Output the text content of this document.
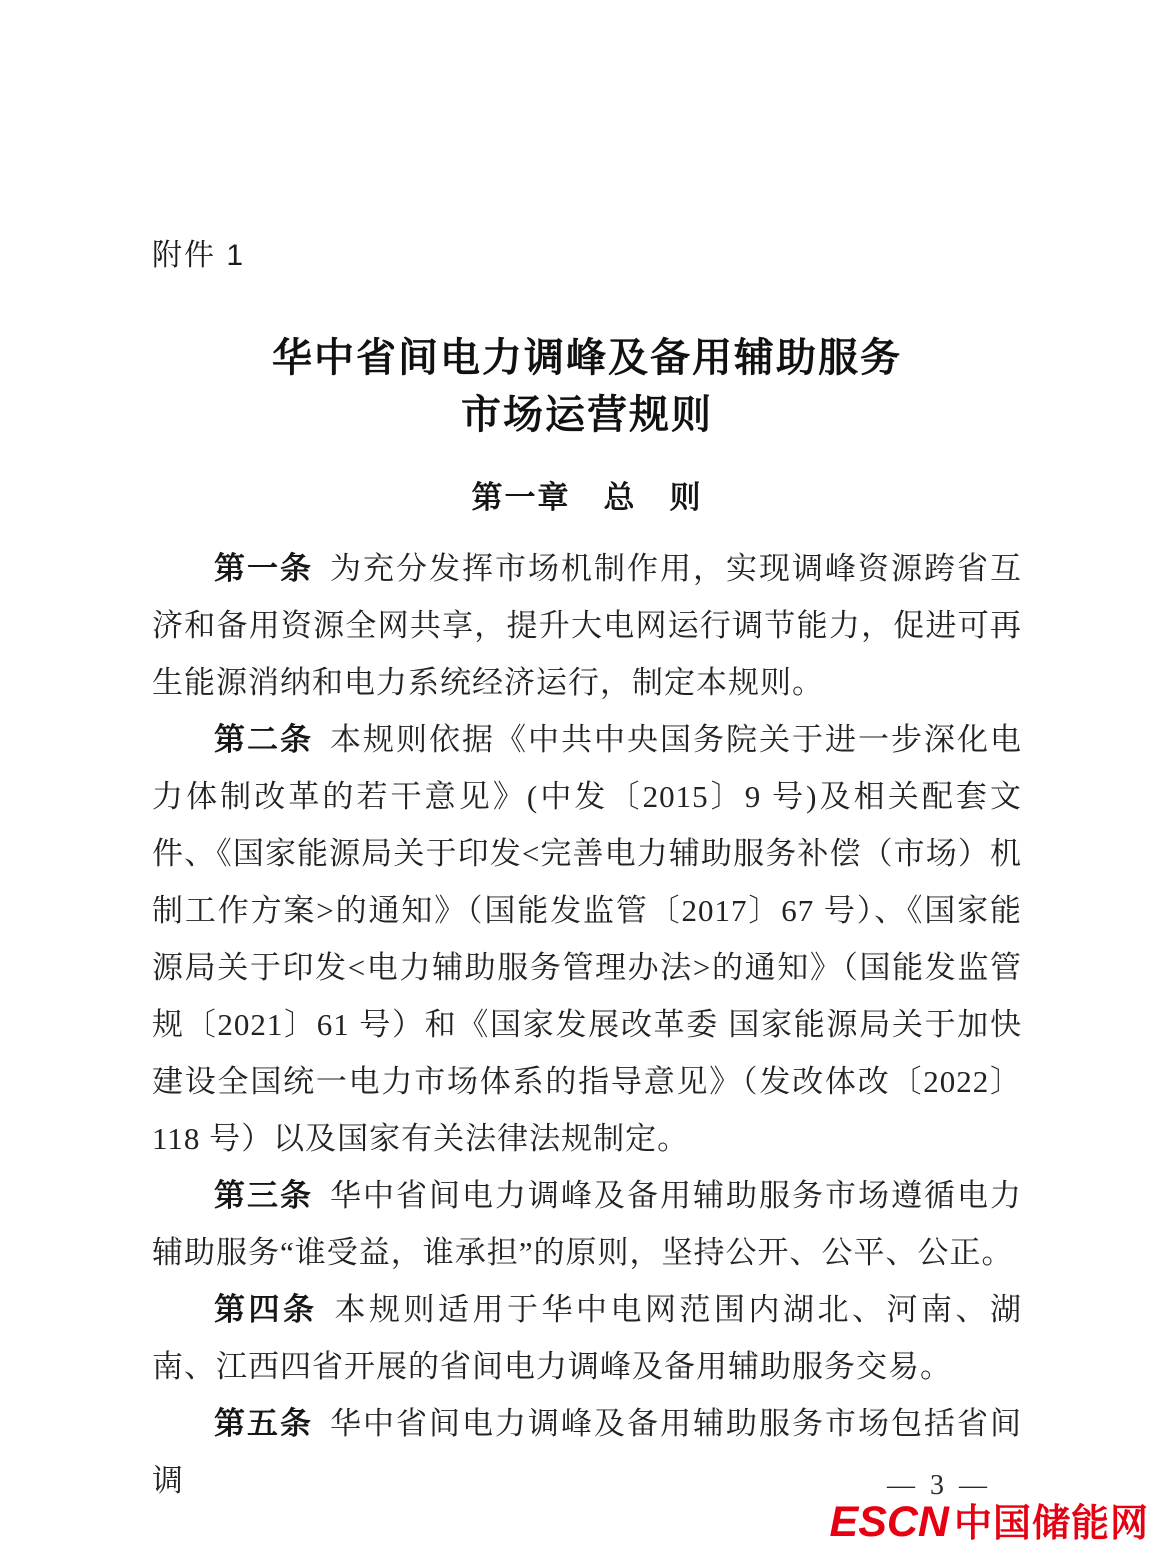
附件 1
华中省间电力调峰及备用辅助服务
市场运营规则
第一章　总　则

第一条 为充分发挥市场机制作用，实现调峰资源跨省互济和备用资源全网共享，提升大电网运行调节能力，促进可再生能源消纳和电力系统经济运行，制定本规则。

第二条 本规则依据《中共中央国务院关于进一步深化电力体制改革的若干意见》(中发〔2015〕9 号)及相关配套文件、《国家能源局关于印发<完善电力辅助服务补偿（市场）机制工作方案>的通知》（国能发监管〔2017〕67 号）、《国家能源局关于印发<电力辅助服务管理办法>的通知》（国能发监管规〔2021〕61 号）和《国家发展改革委 国家能源局关于加快建设全国统一电力市场体系的指导意见》（发改体改〔2022〕118 号）以及国家有关法律法规制定。

第三条 华中省间电力调峰及备用辅助服务市场遵循电力辅助服务“谁受益，谁承担”的原则，坚持公开、公平、公正。

第四条 本规则适用于华中电网范围内湖北、河南、湖南、江西四省开展的省间电力调峰及备用辅助服务交易。

第五条 华中省间电力调峰及备用辅助服务市场包括省间调	— 3 —
ESCN 中国储能网
